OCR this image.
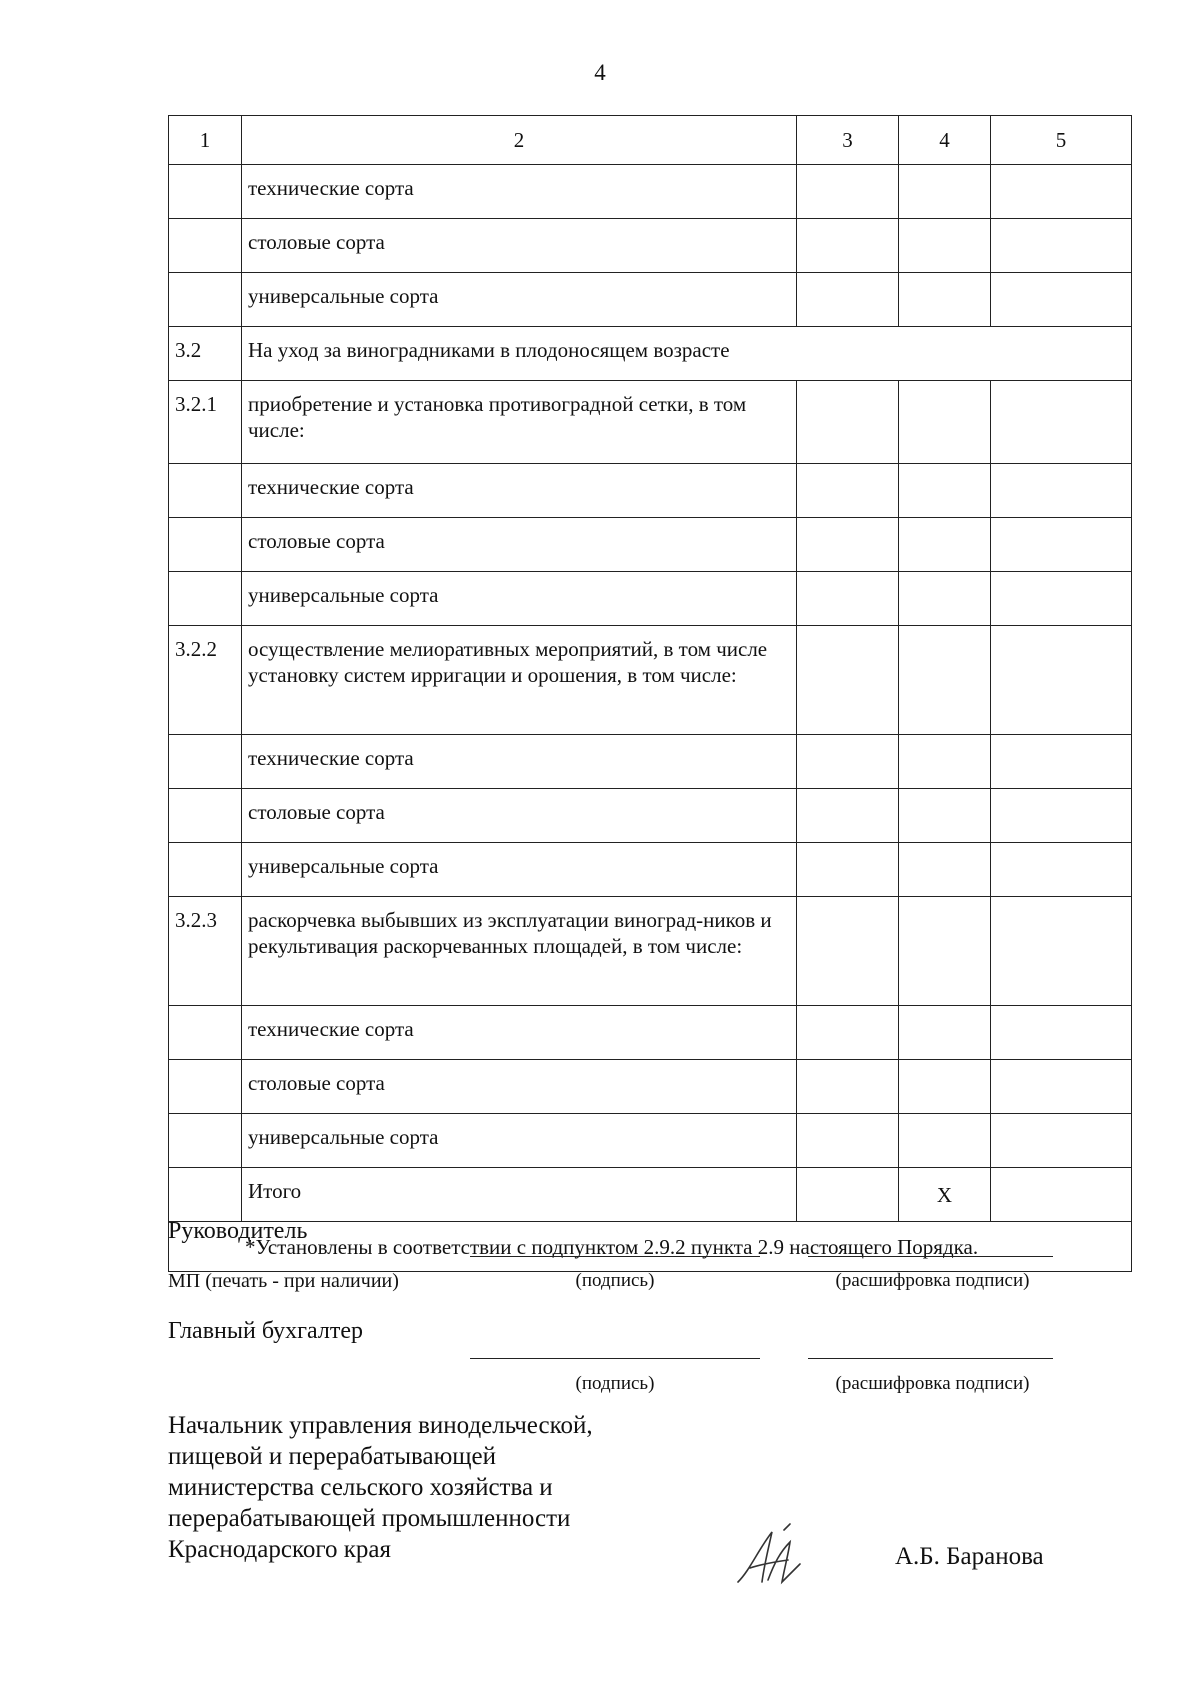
4
1	2	3	4	5
	технические сорта			
	столовые сорта			
	универсальные сорта			
3.2	На уход за виноградниками в плодоносящем возрасте			
3.2.1	приобретение и установка противоградной сетки, в том числе:			
	технические сорта			
	столовые сорта			
	универсальные сорта			
3.2.2	осуществление мелиоративных мероприятий, в том числе установку систем ирригации и орошения, в том числе:			
	технические сорта			
	столовые сорта			
	универсальные сорта			
3.2.3	раскорчевка выбывших из эксплуатации виноград-ников и рекультивация раскорчеванных площадей, в том числе:			
	технические сорта			
	столовые сорта			
	универсальные сорта			
	Итого		Х	
*Установлены в соответствии с подпунктом 2.9.2 пункта 2.9 настоящего Порядка.				
Руководитель
МП (печать - при наличии)	(подпись)	(расшифровка подписи)
Главный бухгалтер
(подпись)	(расшифровка подписи)
Начальник управления винодельческой,
пищевой и перерабатывающей
министерства сельского хозяйства и
перерабатывающей промышленности
Краснодарского края	А.Б. Баранова
